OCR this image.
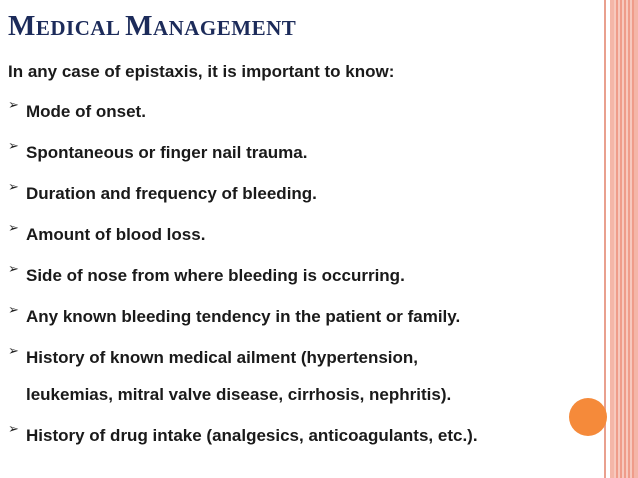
MEDICAL MANAGEMENT
In any case of epistaxis, it is important to know:
➢ Mode of onset.
➢ Spontaneous or finger nail trauma.
➢ Duration and frequency of bleeding.
➢ Amount of blood loss.
➢ Side of nose from where bleeding is occurring.
➢ Any known bleeding tendency in the patient or family.
➢ History of known medical ailment (hypertension,
leukemias, mitral valve disease, cirrhosis, nephritis).
➢ History of drug intake (analgesics, anticoagulants, etc.).
